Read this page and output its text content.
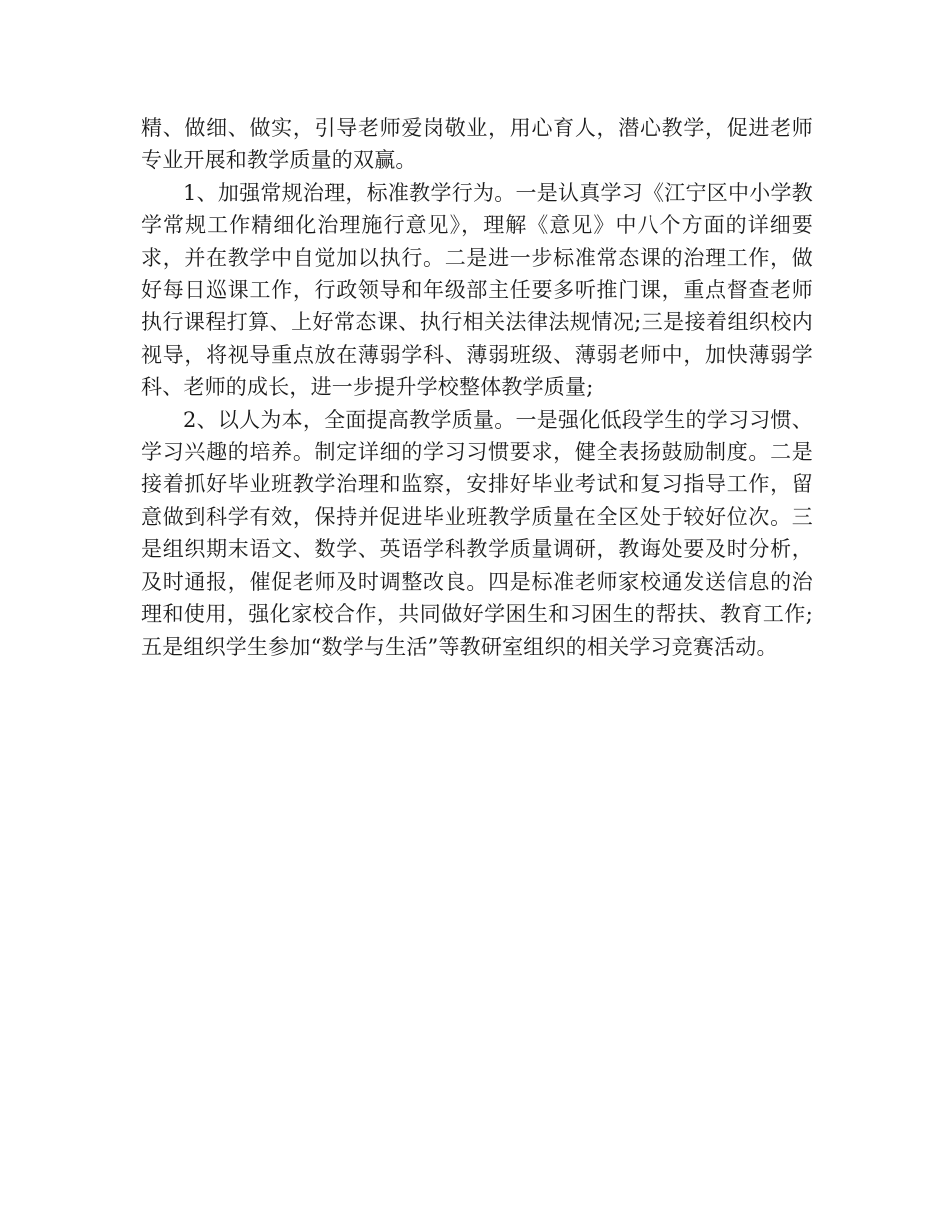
精、做细、做实，引导老师爱岗敬业，用心育人，潜心教学，促进老师专业开展和教学质量的双赢。

1、加强常规治理，标准教学行为。一是认真学习《江宁区中小学教学常规工作精细化治理施行意见》，理解《意见》中八个方面的详细要求，并在教学中自觉加以执行。二是进一步标准常态课的治理工作，做好每日巡课工作，行政领导和年级部主任要多听推门课，重点督查老师执行课程打算、上好常态课、执行相关法律法规情况;三是接着组织校内视导，将视导重点放在薄弱学科、薄弱班级、薄弱老师中，加快薄弱学科、老师的成长，进一步提升学校整体教学质量;

2、以人为本，全面提高教学质量。一是强化低段学生的学习习惯、学习兴趣的培养。制定详细的学习习惯要求，健全表扬鼓励制度。二是接着抓好毕业班教学治理和监察，安排好毕业考试和复习指导工作，留意做到科学有效，保持并促进毕业班教学质量在全区处于较好位次。三是组织期末语文、数学、英语学科教学质量调研，教诲处要及时分析，及时通报，催促老师及时调整改良。四是标准老师家校通发送信息的治理和使用，强化家校合作，共同做好学困生和习困生的帮扶、教育工作;五是组织学生参加“数学与生活”等教研室组织的相关学习竞赛活动。
